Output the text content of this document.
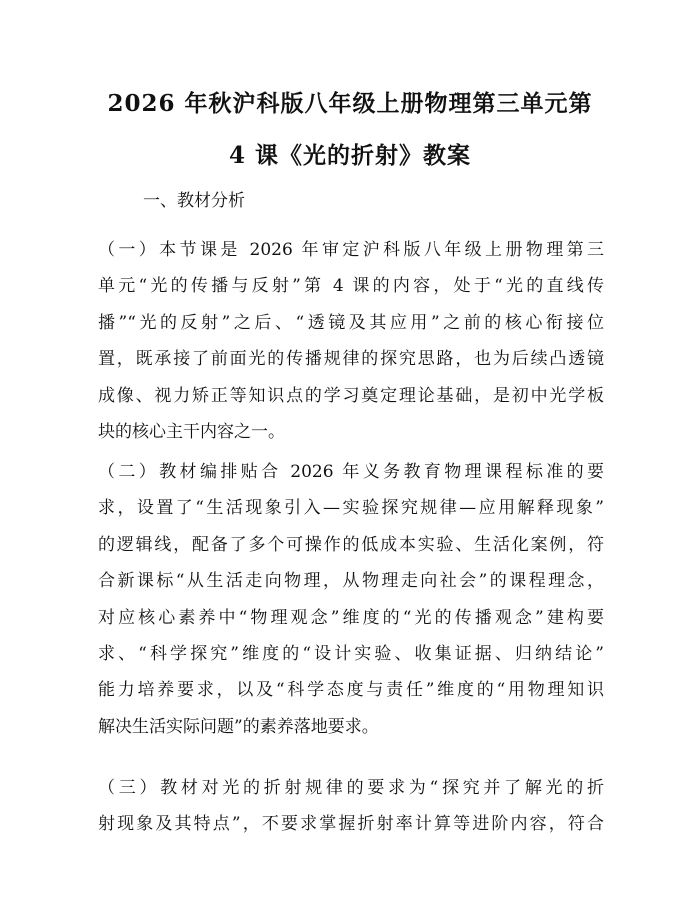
2026 年秋沪科版八年级上册物理第三单元第
4 课《光的折射》教案

一、教材分析

（一）本节课是 2026 年审定沪科版八年级上册物理第三
单元“光的传播与反射”第 4 课的内容，处于“光的直线传
播”“光的反射”之后、“透镜及其应用”之前的核心衔接位
置，既承接了前面光的传播规律的探究思路，也为后续凸透镜
成像、视力矫正等知识点的学习奠定理论基础，是初中光学板
块的核心主干内容之一。

（二）教材编排贴合 2026 年义务教育物理课程标准的要
求，设置了“生活现象引入—实验探究规律—应用解释现象”
的逻辑线，配备了多个可操作的低成本实验、生活化案例，符
合新课标“从生活走向物理，从物理走向社会”的课程理念，
对应核心素养中“物理观念”维度的“光的传播观念”建构要
求、“科学探究”维度的“设计实验、收集证据、归纳结论”
能力培养要求，以及“科学态度与责任”维度的“用物理知识
解决生活实际问题”的素养落地要求。

（三）教材对光的折射规律的要求为“探究并了解光的折
射现象及其特点”，不要求掌握折射率计算等进阶内容，符合
